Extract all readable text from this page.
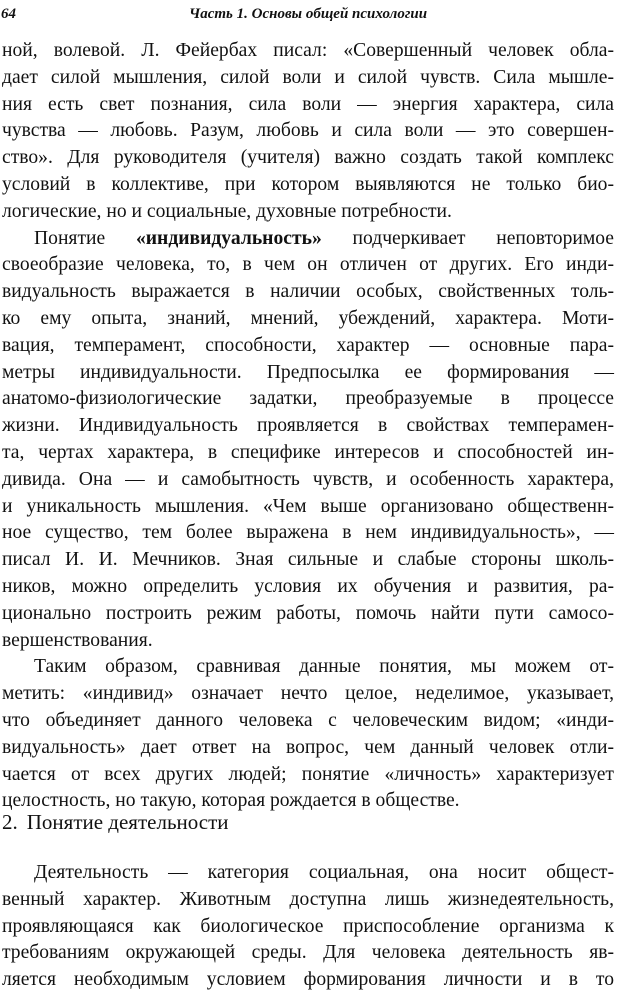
64	Часть 1. Основы общей психологии
ной, волевой. Л. Фейербах писал: «Совершенный человек обла-
дает силой мышления, силой воли и силой чувств. Сила мышле-
ния есть свет познания, сила воли — энергия характера, сила
чувства — любовь. Разум, любовь и сила воли — это совершен-
ство». Для руководителя (учителя) важно создать такой комплекс
условий в коллективе, при котором выявляются не только био-
логические, но и социальные, духовные потребности.
Понятие «индивидуальность» подчеркивает неповторимое
своеобразие человека, то, в чем он отличен от других. Его инди-
видуальность выражается в наличии особых, свойственных толь-
ко ему опыта, знаний, мнений, убеждений, характера. Моти-
вация, темперамент, способности, характер — основные пара-
метры индивидуальности. Предпосылка ее формирования —
анатомо-физиологические задатки, преобразуемые в процессе
жизни. Индивидуальность проявляется в свойствах темперамен-
та, чертах характера, в специфике интересов и способностей ин-
дивида. Она — и самобытность чувств, и особенность характера,
и уникальность мышления. «Чем выше организовано общественн-
ное существо, тем более выражена в нем индивидуальность», —
писал И. И. Мечников. Зная сильные и слабые стороны школь-
ников, можно определить условия их обучения и развития, ра-
ционально построить режим работы, помочь найти пути самосо-
вершенствования.
Таким образом, сравнивая данные понятия, мы можем от-
метить: «индивид» означает нечто целое, неделимое, указывает,
что объединяет данного человека с человеческим видом; «инди-
видуальность» дает ответ на вопрос, чем данный человек отли-
чается от всех других людей; понятие «личность» характеризует
целостность, но такую, которая рождается в обществе.
2. Понятие деятельности
Деятельность — категория социальная, она носит общест-
венный характер. Животным доступна лишь жизнедеятельность,
проявляющаяся как биологическое приспособление организма к
требованиям окружающей среды. Для человека деятельность яв-
ляется необходимым условием формирования личности и в то
